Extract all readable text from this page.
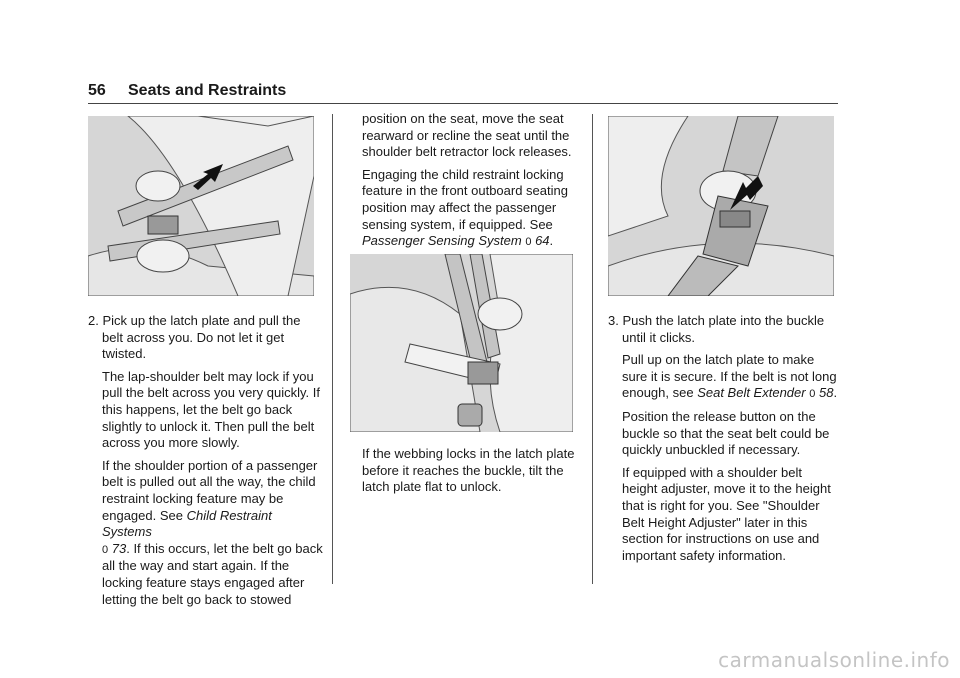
56 Seats and Restraints

2. Pick up the latch plate and pull the belt across you. Do not let it get twisted.

The lap-shoulder belt may lock if you pull the belt across you very quickly. If this happens, let the belt go back slightly to unlock it. Then pull the belt across you more slowly.

If the shoulder portion of a passenger belt is pulled out all the way, the child restraint locking feature may be engaged. See Child Restraint Systems
0 73. If this occurs, let the belt go back all the way and start again. If the locking feature stays engaged after letting the belt go back to stowed

position on the seat, move the seat rearward or recline the seat until the shoulder belt retractor lock releases.

Engaging the child restraint locking feature in the front outboard seating position may affect the passenger sensing system, if equipped. See Passenger Sensing System 0 64.

If the webbing locks in the latch plate before it reaches the buckle, tilt the latch plate flat to unlock.

3. Push the latch plate into the buckle until it clicks.

Pull up on the latch plate to make sure it is secure. If the belt is not long enough, see Seat Belt Extender 0 58.

Position the release button on the buckle so that the seat belt could be quickly unbuckled if necessary.

If equipped with a shoulder belt height adjuster, move it to the height that is right for you. See "Shoulder Belt Height Adjuster" later in this section for instructions on use and important safety information.

carmanualsonline.info
